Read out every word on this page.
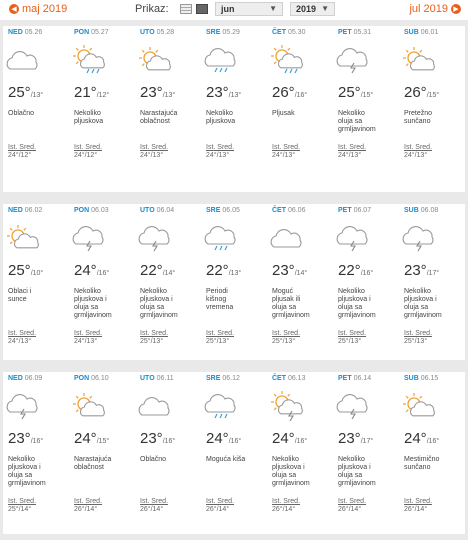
◀ maj 2019	Prikaz:	jun	▼	2019 ▼	jul 2019 ▶
NED 05.26
25°/13°
Oblačno
Ist. Sred.
24°/12°
PON 05.27
21°/12°
Nekoliko
pljuskova
Ist. Sred.
24°/12°
UTO 05.28
23°/13°
Narastajuća
oblačnost
Ist. Sred.
24°/13°
SRE 05.29
23°/13°
Nekoliko
pljuskova
Ist. Sred.
24°/13°
ČET 05.30
26°/16°
Pljusak
Ist. Sred.
24°/13°
PET 05.31
25°/15°
Nekoliko
oluja sa
grmljavinom
Ist. Sred.
24°/13°
SUB 06.01
26°/15°
Pretežno
sunčano
Ist. Sred.
24°/13°
NED 06.02
25°/10°
Oblaci i
sunce
Ist. Sred.
24°/13°
PON 06.03
24°/16°
Nekoliko
pljuskova i
oluja sa
grmljavinom
Ist. Sred.
24°/13°
UTO 06.04
22°/14°
Nekoliko
pljuskova i
oluja sa
grmljavinom
Ist. Sred.
25°/13°
SRE 06.05
22°/13°
Periodi
kišnog
vremena
Ist. Sred.
25°/13°
ČET 06.06
23°/14°
Moguć
pljusak ili
oluja sa
grmljavinom
Ist. Sred.
25°/13°
PET 06.07
22°/16°
Nekoliko
pljuskova i
oluja sa
grmljavinom
Ist. Sred.
25°/13°
SUB 06.08
23°/17°
Nekoliko
pljuskova i
oluja sa
grmljavinom
Ist. Sred.
25°/13°
NED 06.09
23°/16°
Nekoliko
pljuskova i
oluja sa
grmljavinom
Ist. Sred.
25°/14°
PON 06.10
24°/15°
Narastajuća
oblačnost
Ist. Sred.
26°/14°
UTO 06.11
23°/16°
Oblačno
Ist. Sred.
26°/14°
SRE 06.12
24°/16°
Moguća kiša
Ist. Sred.
26°/14°
ČET 06.13
24°/16°
Nekoliko
pljuskova i
oluja sa
grmljavinom
Ist. Sred.
26°/14°
PET 06.14
23°/17°
Nekoliko
pljuskova i
oluja sa
grmljavinom
Ist. Sred.
26°/14°
SUB 06.15
24°/16°
Mestimično
sunčano
Ist. Sred.
26°/14°
